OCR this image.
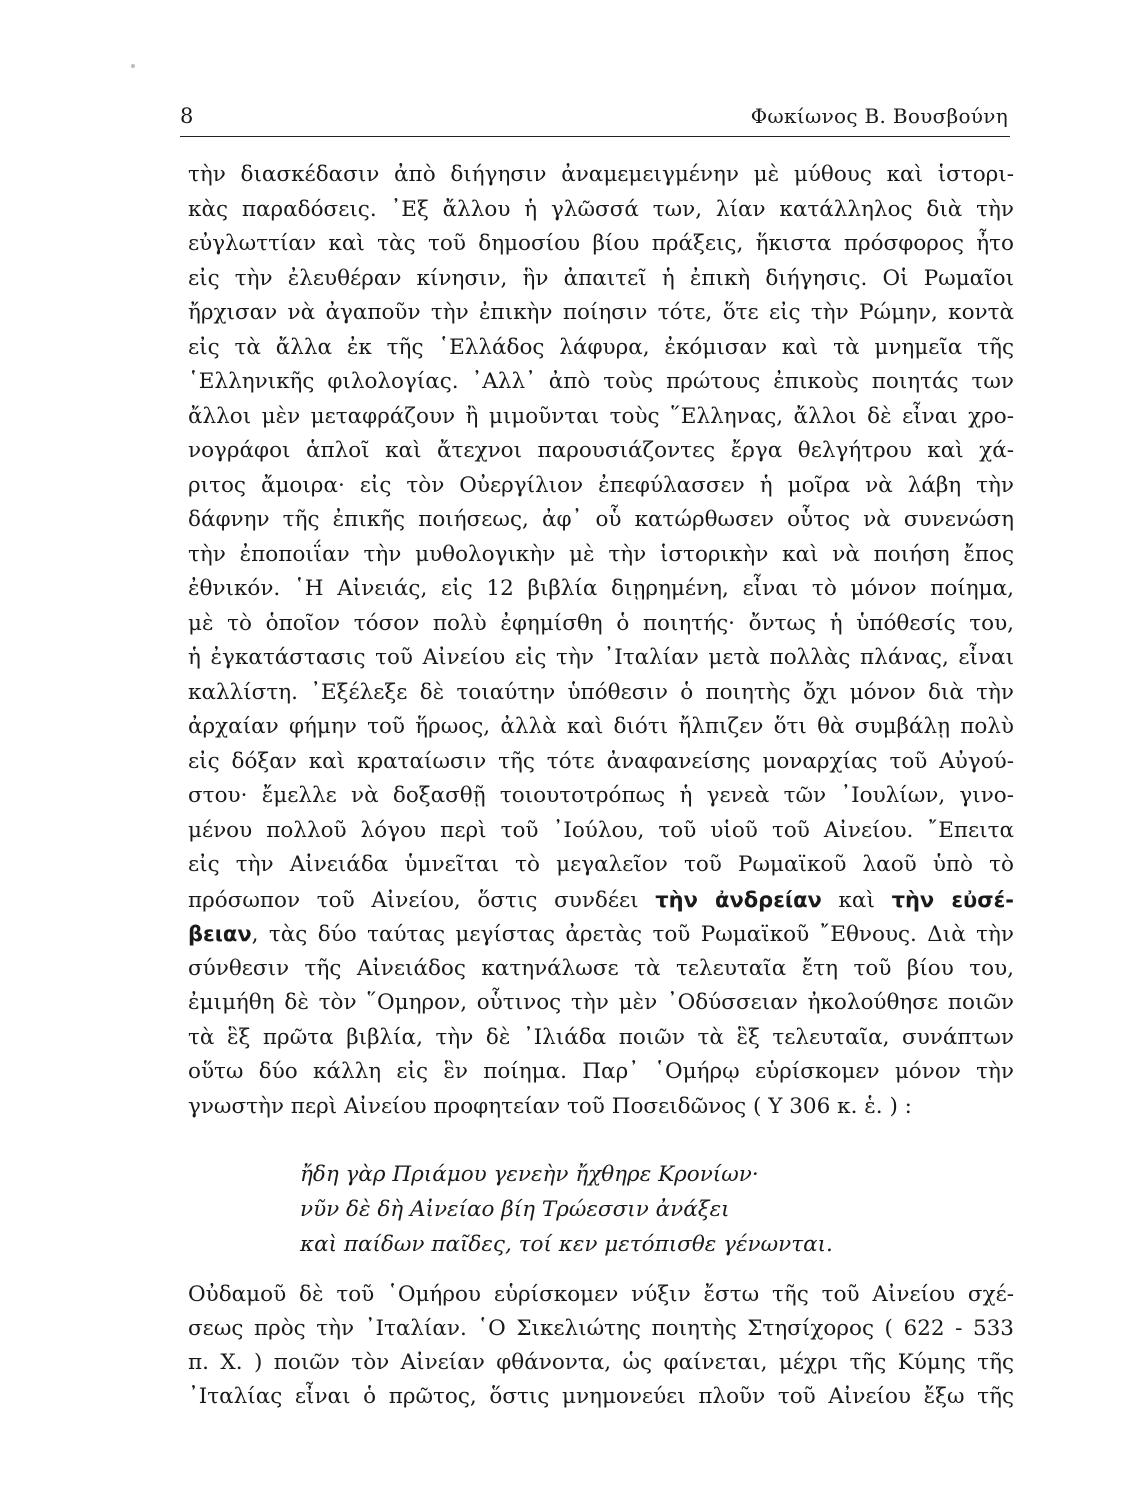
8	Φωκίωνος Β. Βουσβούνη
τὴν διασκέδασιν ἀπὸ διήγησιν ἀναμεμειγμένην μὲ μύθους καὶ ἱστορι-
κὰς παραδόσεις. ᾿Εξ ἄλλου ἡ γλῶσσά των, λίαν κατάλληλος διὰ τὴν
εὐγλωττίαν καὶ τὰς τοῦ δημοσίου βίου πράξεις, ἥκιστα πρόσφορος ἦτο
εἰς τὴν ἐλευθέραν κίνησιν, ἣν ἀπαιτεῖ ἡ ἐπικὴ διήγησις. Οἱ Ρωμαῖοι
ἤρχισαν νὰ ἀγαποῦν τὴν ἐπικὴν ποίησιν τότε, ὅτε εἰς τὴν Ρώμην, κοντὰ
εἰς τὰ ἄλλα ἐκ τῆς ῾Ελλάδος λάφυρα, ἐκόμισαν καὶ τὰ μνημεῖα τῆς
῾Ελληνικῆς φιλολογίας. ᾿Αλλ᾿ ἀπὸ τοὺς πρώτους ἐπικοὺς ποιητάς των
ἄλλοι μὲν μεταφράζουν ἢ μιμοῦνται τοὺς ῞Ελληνας, ἄλλοι δὲ εἶναι χρο-
νογράφοι ἁπλοῖ καὶ ἄτεχνοι παρουσιάζοντες ἔργα θελγήτρου καὶ χά-
ριτος ἄμοιρα· εἰς τὸν Οὐεργίλιον ἐπεφύλασσεν ἡ μοῖρα νὰ λάβη τὴν
δάφνην τῆς ἐπικῆς ποιήσεως, ἀφ᾿ οὗ κατώρθωσεν οὗτος νὰ συνενώση
τὴν ἐποποιΐαν τὴν μυθολογικὴν μὲ τὴν ἱστορικὴν καὶ νὰ ποιήση ἔπος
ἐθνικόν. ῾Η Αἰνειάς, εἰς 12 βιβλία διῃρημένη, εἶναι τὸ μόνον ποίημα,
μὲ τὸ ὁποῖον τόσον πολὺ ἐφημίσθη ὁ ποιητής· ὄντως ἡ ὑπόθεσίς του,
ἡ ἐγκατάστασις τοῦ Αἰνείου εἰς τὴν ᾿Ιταλίαν μετὰ πολλὰς πλάνας, εἶναι
καλλίστη. ᾿Εξέλεξε δὲ τοιαύτην ὑπόθεσιν ὁ ποιητὴς ὄχι μόνον διὰ τὴν
ἀρχαίαν φήμην τοῦ ἥρωος, ἀλλὰ καὶ διότι ἤλπιζεν ὅτι θὰ συμβάλῃ πολὺ
εἰς δόξαν καὶ κραταίωσιν τῆς τότε ἀναφανείσης μοναρχίας τοῦ Αὐγού-
στου· ἔμελλε νὰ δοξασθῇ τοιουτοτρόπως ἡ γενεὰ τῶν ᾿Ιουλίων, γινο-
μένου πολλοῦ λόγου περὶ τοῦ ᾿Ιούλου, τοῦ υἱοῦ τοῦ Αἰνείου. ῎Επειτα
εἰς τὴν Αἰνειάδα ὑμνεῖται τὸ μεγαλεῖον τοῦ Ρωμαϊκοῦ λαοῦ ὑπὸ τὸ
πρόσωπον τοῦ Αἰνείου, ὅστις συνδέει τὴν ἀνδρείαν καὶ τὴν εὐσέ-
βειαν, τὰς δύο ταύτας μεγίστας ἀρετὰς τοῦ Ρωμαϊκοῦ ῎Εθνους. Διὰ τὴν
σύνθεσιν τῆς Αἰνειάδος κατηνάλωσε τὰ τελευταῖα ἔτη τοῦ βίου του,
ἐμιμήθη δὲ τὸν ῞Ομηρον, οὗτινος τὴν μὲν ᾿Οδύσσειαν ἠκολούθησε ποιῶν
τὰ ἓξ πρῶτα βιβλία, τὴν δὲ ᾿Ιλιάδα ποιῶν τὰ ἓξ τελευταῖα, συνάπτων
οὕτω δύο κάλλη εἰς ἓν ποίημα. Παρ᾿ ῾Ομήρῳ εὑρίσκομεν μόνον τὴν
γνωστὴν περὶ Αἰνείου προφητείαν τοῦ Ποσειδῶνος ( Υ 306 κ. ἑ. ) :
ἤδη γὰρ Πριάμου γενεὴν ἤχθηρε Κρονίων·
νῦν δὲ δὴ Αἰνείαο βίη Τρώεσσιν ἀνάξει
καὶ παίδων παῖδες, τοί κεν μετόπισθε γένωνται.
Οὐδαμοῦ δὲ τοῦ ῾Ομήρου εὑρίσκομεν νύξιν ἔστω τῆς τοῦ Αἰνείου σχέ-
σεως πρὸς τὴν ᾿Ιταλίαν. ῾Ο Σικελιώτης ποιητὴς Στησίχορος ( 622 - 533
π. Χ. ) ποιῶν τὸν Αἰνείαν φθάνοντα, ὡς φαίνεται, μέχρι τῆς Κύμης τῆς
᾿Ιταλίας εἶναι ὁ πρῶτος, ὅστις μνημονεύει πλοῦν τοῦ Αἰνείου ἔξω τῆς
